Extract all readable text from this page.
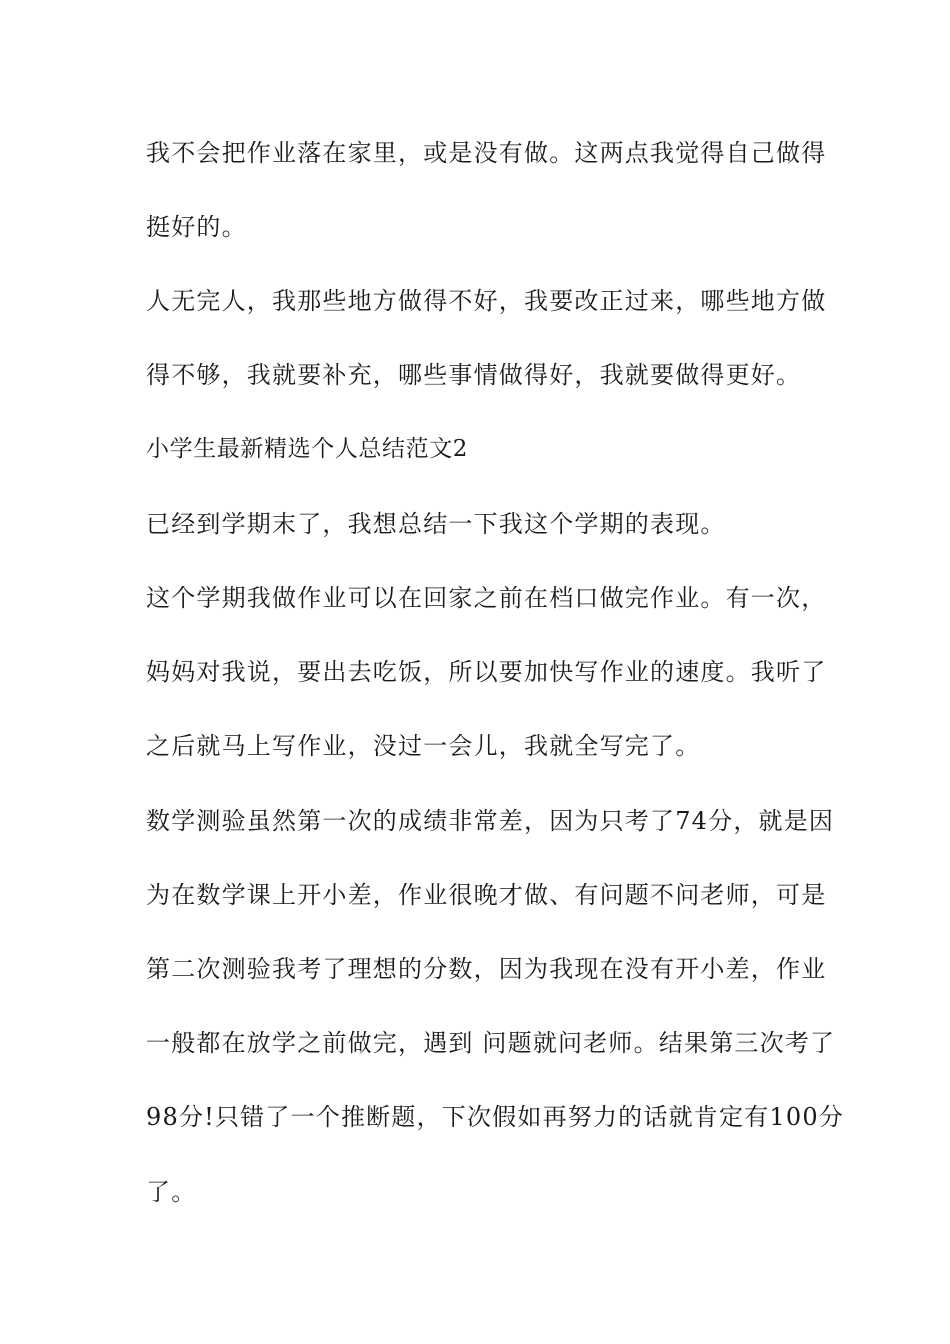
我不会把作业落在家里，或是没有做。这两点我觉得自己做得
挺好的。
人无完人，我那些地方做得不好，我要改正过来，哪些地方做
得不够，我就要补充，哪些事情做得好，我就要做得更好。
小学生最新精选个人总结范文2
已经到学期末了，我想总结一下我这个学期的表现。
这个学期我做作业可以在回家之前在档口做完作业。有一次，
妈妈对我说，要出去吃饭，所以要加快写作业的速度。我听了
之后就马上写作业，没过一会儿，我就全写完了。
数学测验虽然第一次的成绩非常差，因为只考了74分，就是因
为在数学课上开小差，作业很晚才做、有问题不问老师，可是
第二次测验我考了理想的分数，因为我现在没有开小差，作业
一般都在放学之前做完，遇到 问题就问老师。结果第三次考了
98分!只错了一个推断题，下次假如再努力的话就肯定有100分
了。
